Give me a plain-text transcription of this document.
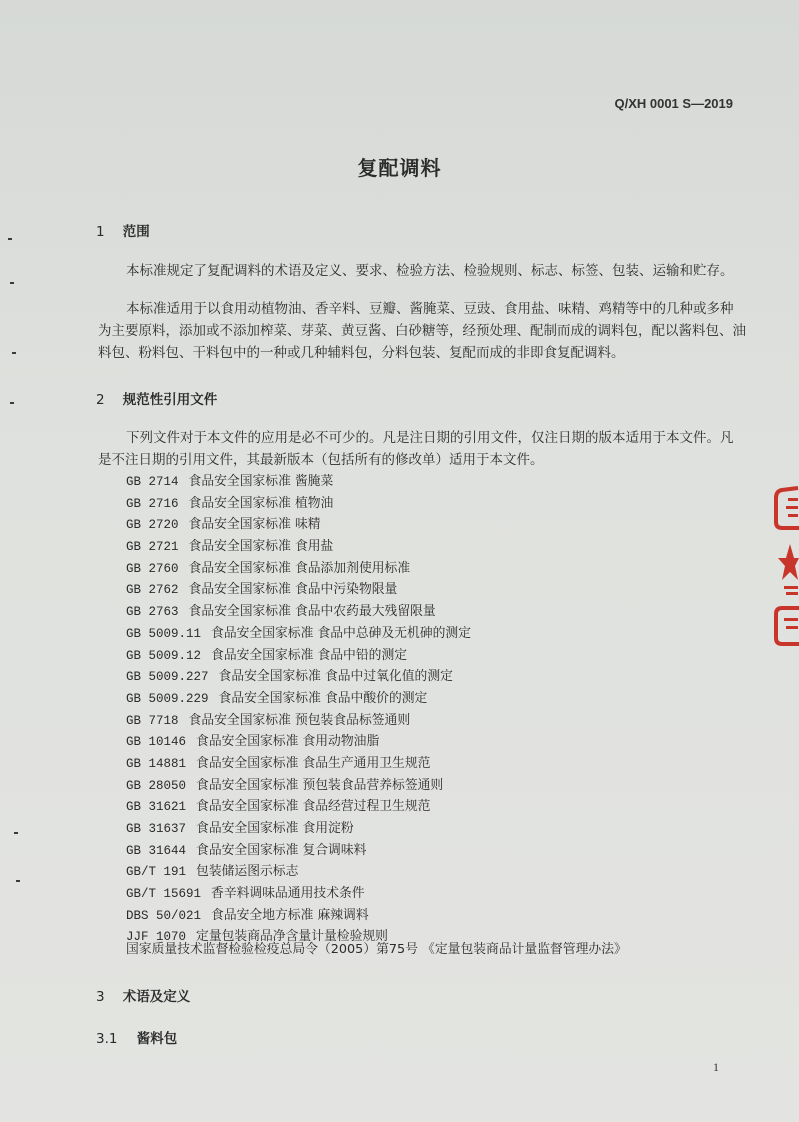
Q/XH 0001 S—2019
复配调料
1 范围
本标准规定了复配调料的术语及定义、要求、检验方法、检验规则、标志、标签、包装、运输和贮存。
本标准适用于以食用动植物油、香辛料、豆瓣、酱腌菜、豆豉、食用盐、味精、鸡精等中的几种或多种为主要原料，添加或不添加榨菜、芽菜、黄豆酱、白砂糖等，经预处理、配制而成的调料包，配以酱料包、油料包、粉料包、干料包中的一种或几种辅料包，分料包装、复配而成的非即食复配调料。
2 规范性引用文件
下列文件对于本文件的应用是必不可少的。凡是注日期的引用文件，仅注日期的版本适用于本文件。凡是不注日期的引用文件，其最新版本（包括所有的修改单）适用于本文件。
GB 2714 食品安全国家标准 酱腌菜
GB 2716 食品安全国家标准 植物油
GB 2720 食品安全国家标准 味精
GB 2721 食品安全国家标准 食用盐
GB 2760 食品安全国家标准 食品添加剂使用标准
GB 2762 食品安全国家标准 食品中污染物限量
GB 2763 食品安全国家标准 食品中农药最大残留限量
GB 5009.11 食品安全国家标准 食品中总砷及无机砷的测定
GB 5009.12 食品安全国家标准 食品中铅的测定
GB 5009.227 食品安全国家标准 食品中过氧化值的测定
GB 5009.229 食品安全国家标准 食品中酸价的测定
GB 7718 食品安全国家标准 预包装食品标签通则
GB 10146 食品安全国家标准 食用动物油脂
GB 14881 食品安全国家标准 食品生产通用卫生规范
GB 28050 食品安全国家标准 预包装食品营养标签通则
GB 31621 食品安全国家标准 食品经营过程卫生规范
GB 31637 食品安全国家标准 食用淀粉
GB 31644 食品安全国家标准 复合调味料
GB/T 191 包装储运图示标志
GB/T 15691 香辛料调味品通用技术条件
DBS 50/021 食品安全地方标准 麻辣调料
JJF 1070 定量包装商品净含量计量检验规则
国家质量技术监督检验检疫总局令（2005）第75号 《定量包装商品计量监督管理办法》
3 术语及定义
3.1 酱料包
1
